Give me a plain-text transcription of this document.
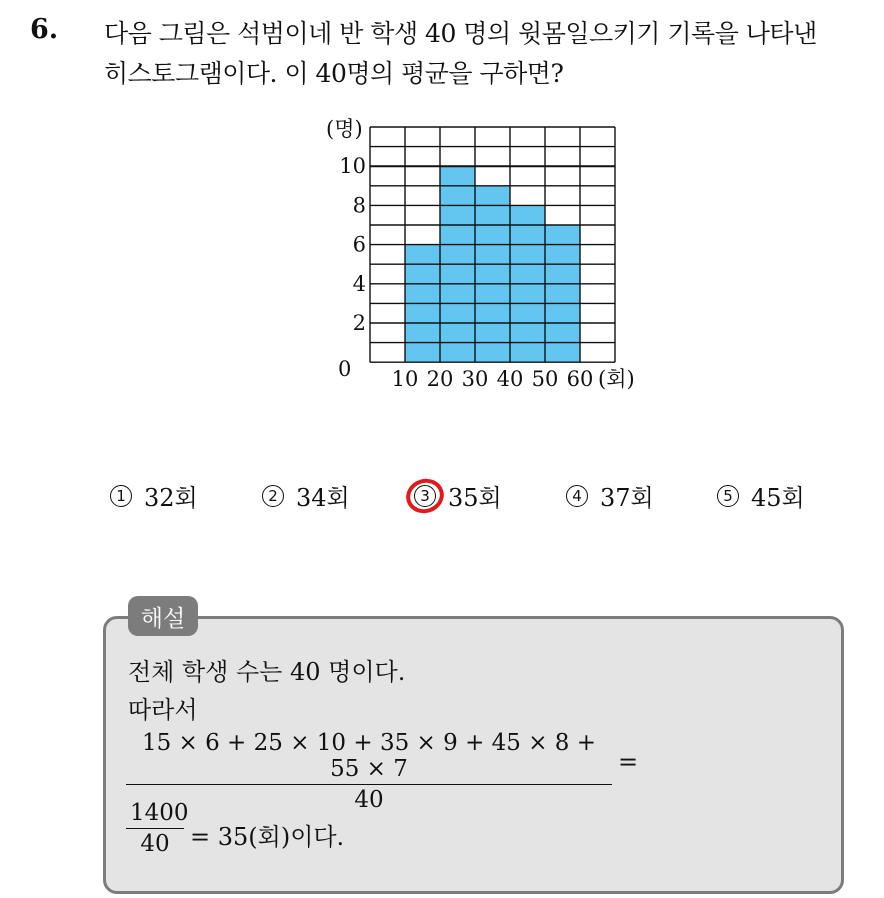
6. 다음 그림은 석범이네 반 학생 40 명의 윗몸일으키기 기록을 나타낸
히스토그램이다. 이 40명의 평균을 구하면?
2
4
6
8
10
0
(명)
10 20 30 40 50 60 (회)
1 32회	2 34회	3 35회	4 37회	5 45회
해설
전체 학생 수는 40 명이다.
따라서
15 × 6 + 25 × 10 + 35 × 9 + 45 × 8 + 55 × 7
40
=
1400
40 = 35(회)이다.
